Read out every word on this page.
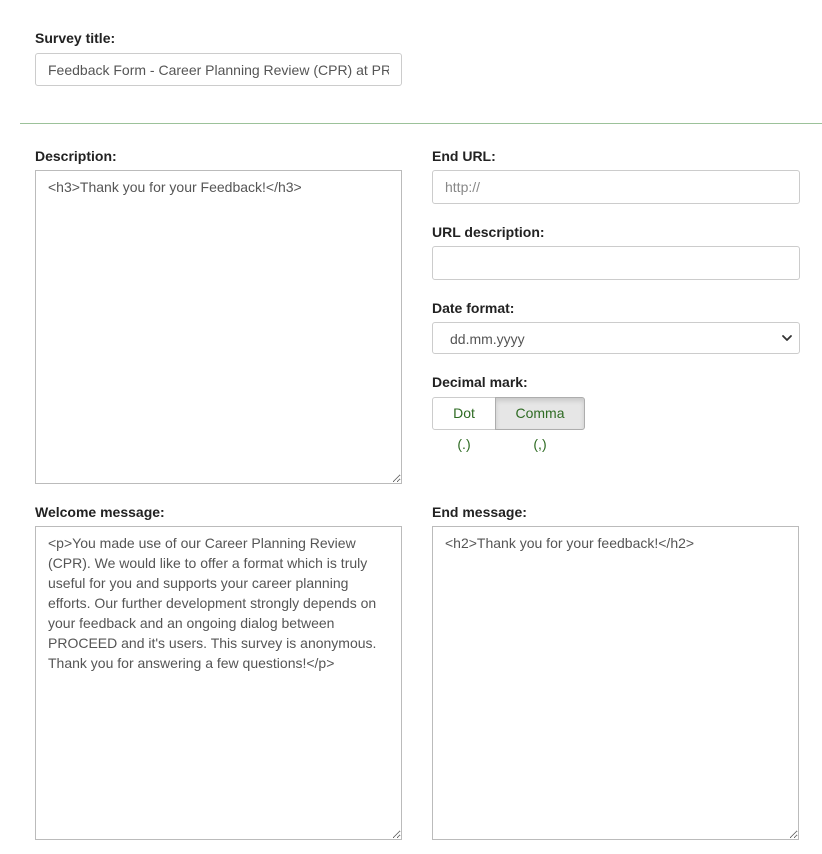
Survey title:
Feedback Form - Career Planning Review (CPR) at PROCEED
Description:
<h3>Thank you for your Feedback!</h3>	End URL:
http://
URL description:
Date format:
dd.mm.yyyy
Decimal mark:
Dot (.)
Comma (,)
Welcome message:
<p>You made use of our Career Planning Review (CPR). We would like to offer a format which is truly useful for you and supports your career planning efforts. Our further development strongly depends on your feedback and an ongoing dialog between PROCEED and it's users. This survey is anonymous. Thank you for answering a few questions!</p>	End message:
<h2>Thank you for your feedback!</h2>
